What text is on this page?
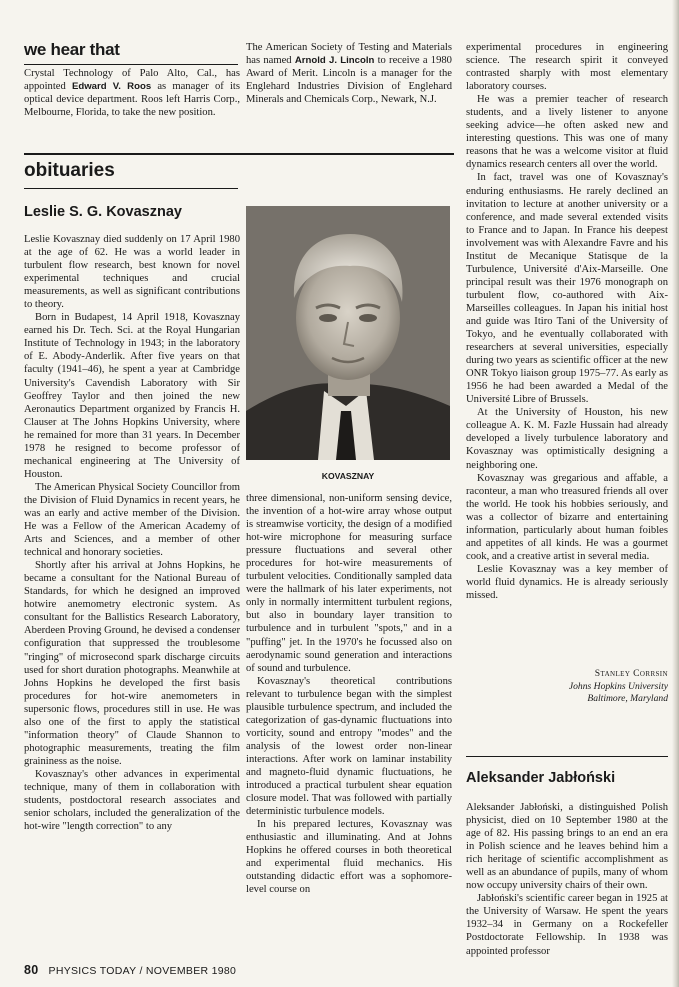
we hear that

Crystal Technology of Palo Alto, Cal., has appointed Edward V. Roos as manager of its optical device department. Roos left Harris Corp., Melbourne, Florida, to take the new position.

The American Society of Testing and Materials has named Arnold J. Lincoln to receive a 1980 Award of Merit. Lincoln is a manager for the Englehard Industries Division of Englehard Minerals and Chemicals Corp., Newark, N.J.

obituaries
Leslie S. G. Kovasznay

Leslie Kovasznay died suddenly on 17 April 1980 at the age of 62. He was a world leader in turbulent flow research, best known for novel experimental techniques and crucial measurements, as well as significant contributions to theory.

Born in Budapest, 14 April 1918, Kovasznay earned his Dr. Tech. Sci. at the Royal Hungarian Institute of Technology in 1943; in the laboratory of E. Abody-Anderlik. After five years on that faculty (1941–46), he spent a year at Cambridge University's Cavendish Laboratory with Sir Geoffrey Taylor and then joined the new Aeronautics Department organized by Francis H. Clauser at The Johns Hopkins University, where he remained for more than 31 years. In December 1978 he resigned to become professor of mechanical engineering at The University of Houston.

The American Physical Society Councillor from the Division of Fluid Dynamics in recent years, he was an early and active member of the Division. He was a Fellow of the American Academy of Arts and Sciences, and a member of other technical and honorary societies.

Shortly after his arrival at Johns Hopkins, he became a consultant for the National Bureau of Standards, for which he designed an improved hotwire anemometry electronic system. As consultant for the Ballistics Research Laboratory, Aberdeen Proving Ground, he devised a condenser configuration that suppressed the troublesome "ringing" of microsecond spark discharge circuits used for short duration photographs. Meanwhile at Johns Hopkins he developed the first basis procedures for hot-wire anemometers in supersonic flows, procedures still in use. He was also one of the first to apply the statistical "information theory" of Claude Shannon to photographic measurements, treating the film graininess as the noise.

Kovasznay's other advances in experimental technique, many of them in collaboration with students, postdoctoral research associates and senior scholars, included the generalization of the hot-wire "length correction" to any

KOVASZNAY

three dimensional, non-uniform sensing device, the invention of a hot-wire array whose output is streamwise vorticity, the design of a modified hot-wire microphone for measuring surface pressure fluctuations and several other procedures for hot-wire measurements of turbulent velocities. Conditionally sampled data were the hallmark of his later experiments, not only in normally intermittent turbulent regions, but also in boundary layer transition to turbulence and in turbulent "spots," and in a "puffing" jet. In the 1970's he focussed also on aerodynamic sound generation and interactions of sound and turbulence.

Kovasznay's theoretical contributions relevant to turbulence began with the simplest plausible turbulence spectrum, and included the categorization of gas-dynamic fluctuations into vorticity, sound and entropy "modes" and the analysis of the lowest order non-linear interactions. After work on laminar instability and magneto-fluid dynamic fluctuations, he introduced a practical turbulent shear equation closure model. That was followed with partially deterministic turbulence models.

In his prepared lectures, Kovasznay was enthusiastic and illuminating. And at Johns Hopkins he offered courses in both theoretical and experimental fluid mechanics. His outstanding didactic effort was a sophomore-level course on

experimental procedures in engineering science. The research spirit it conveyed contrasted sharply with most elementary laboratory courses.

He was a premier teacher of research students, and a lively listener to anyone seeking advice—he often asked new and interesting questions. This was one of many reasons that he was a welcome visitor at fluid dynamics research centers all over the world.

In fact, travel was one of Kovasznay's enduring enthusiasms. He rarely declined an invitation to lecture at another university or a conference, and made several extended visits to France and to Japan. In France his deepest involvement was with Alexandre Favre and his Institut de Mecanique Statisque de la Turbulence, Université d'Aix-Marseille. One principal result was their 1976 monograph on turbulent flow, co-authored with Aix-Marseilles colleagues. In Japan his initial host and guide was Itiro Tani of the University of Tokyo, and he eventually collaborated with researchers at several universities, especially during two years as scientific officer at the new ONR Tokyo liaison group 1975–77. As early as 1956 he had been awarded a Medal of the Université Libre of Brussels.

At the University of Houston, his new colleague A. K. M. Fazle Hussain had already developed a lively turbulence laboratory and Kovasznay was optimistically designing a neighboring one.

Kovasznay was gregarious and affable, a raconteur, a man who treasured friends all over the world. He took his hobbies seriously, and was a collector of bizarre and entertaining information, particularly about human foibles and appetites of all kinds. He was a gourmet cook, and a creative artist in several media.

Leslie Kovasznay was a key member of world fluid dynamics. He is already seriously missed.

Stanley Corrsin
Johns Hopkins University
Baltimore, Maryland
Aleksander Jabłoński

Aleksander Jabłoński, a distinguished Polish physicist, died on 10 September 1980 at the age of 82. His passing brings to an end an era in Polish science and he leaves behind him a rich heritage of scientific accomplishment as well as an abundance of pupils, many of whom now occupy university chairs of their own.

Jabłoński's scientific career began in 1925 at the University of Warsaw. He spent the years 1932–34 in Germany on a Rockefeller Postdoctorate Fellowship. In 1938 was appointed professor

80 PHYSICS TODAY / NOVEMBER 1980
